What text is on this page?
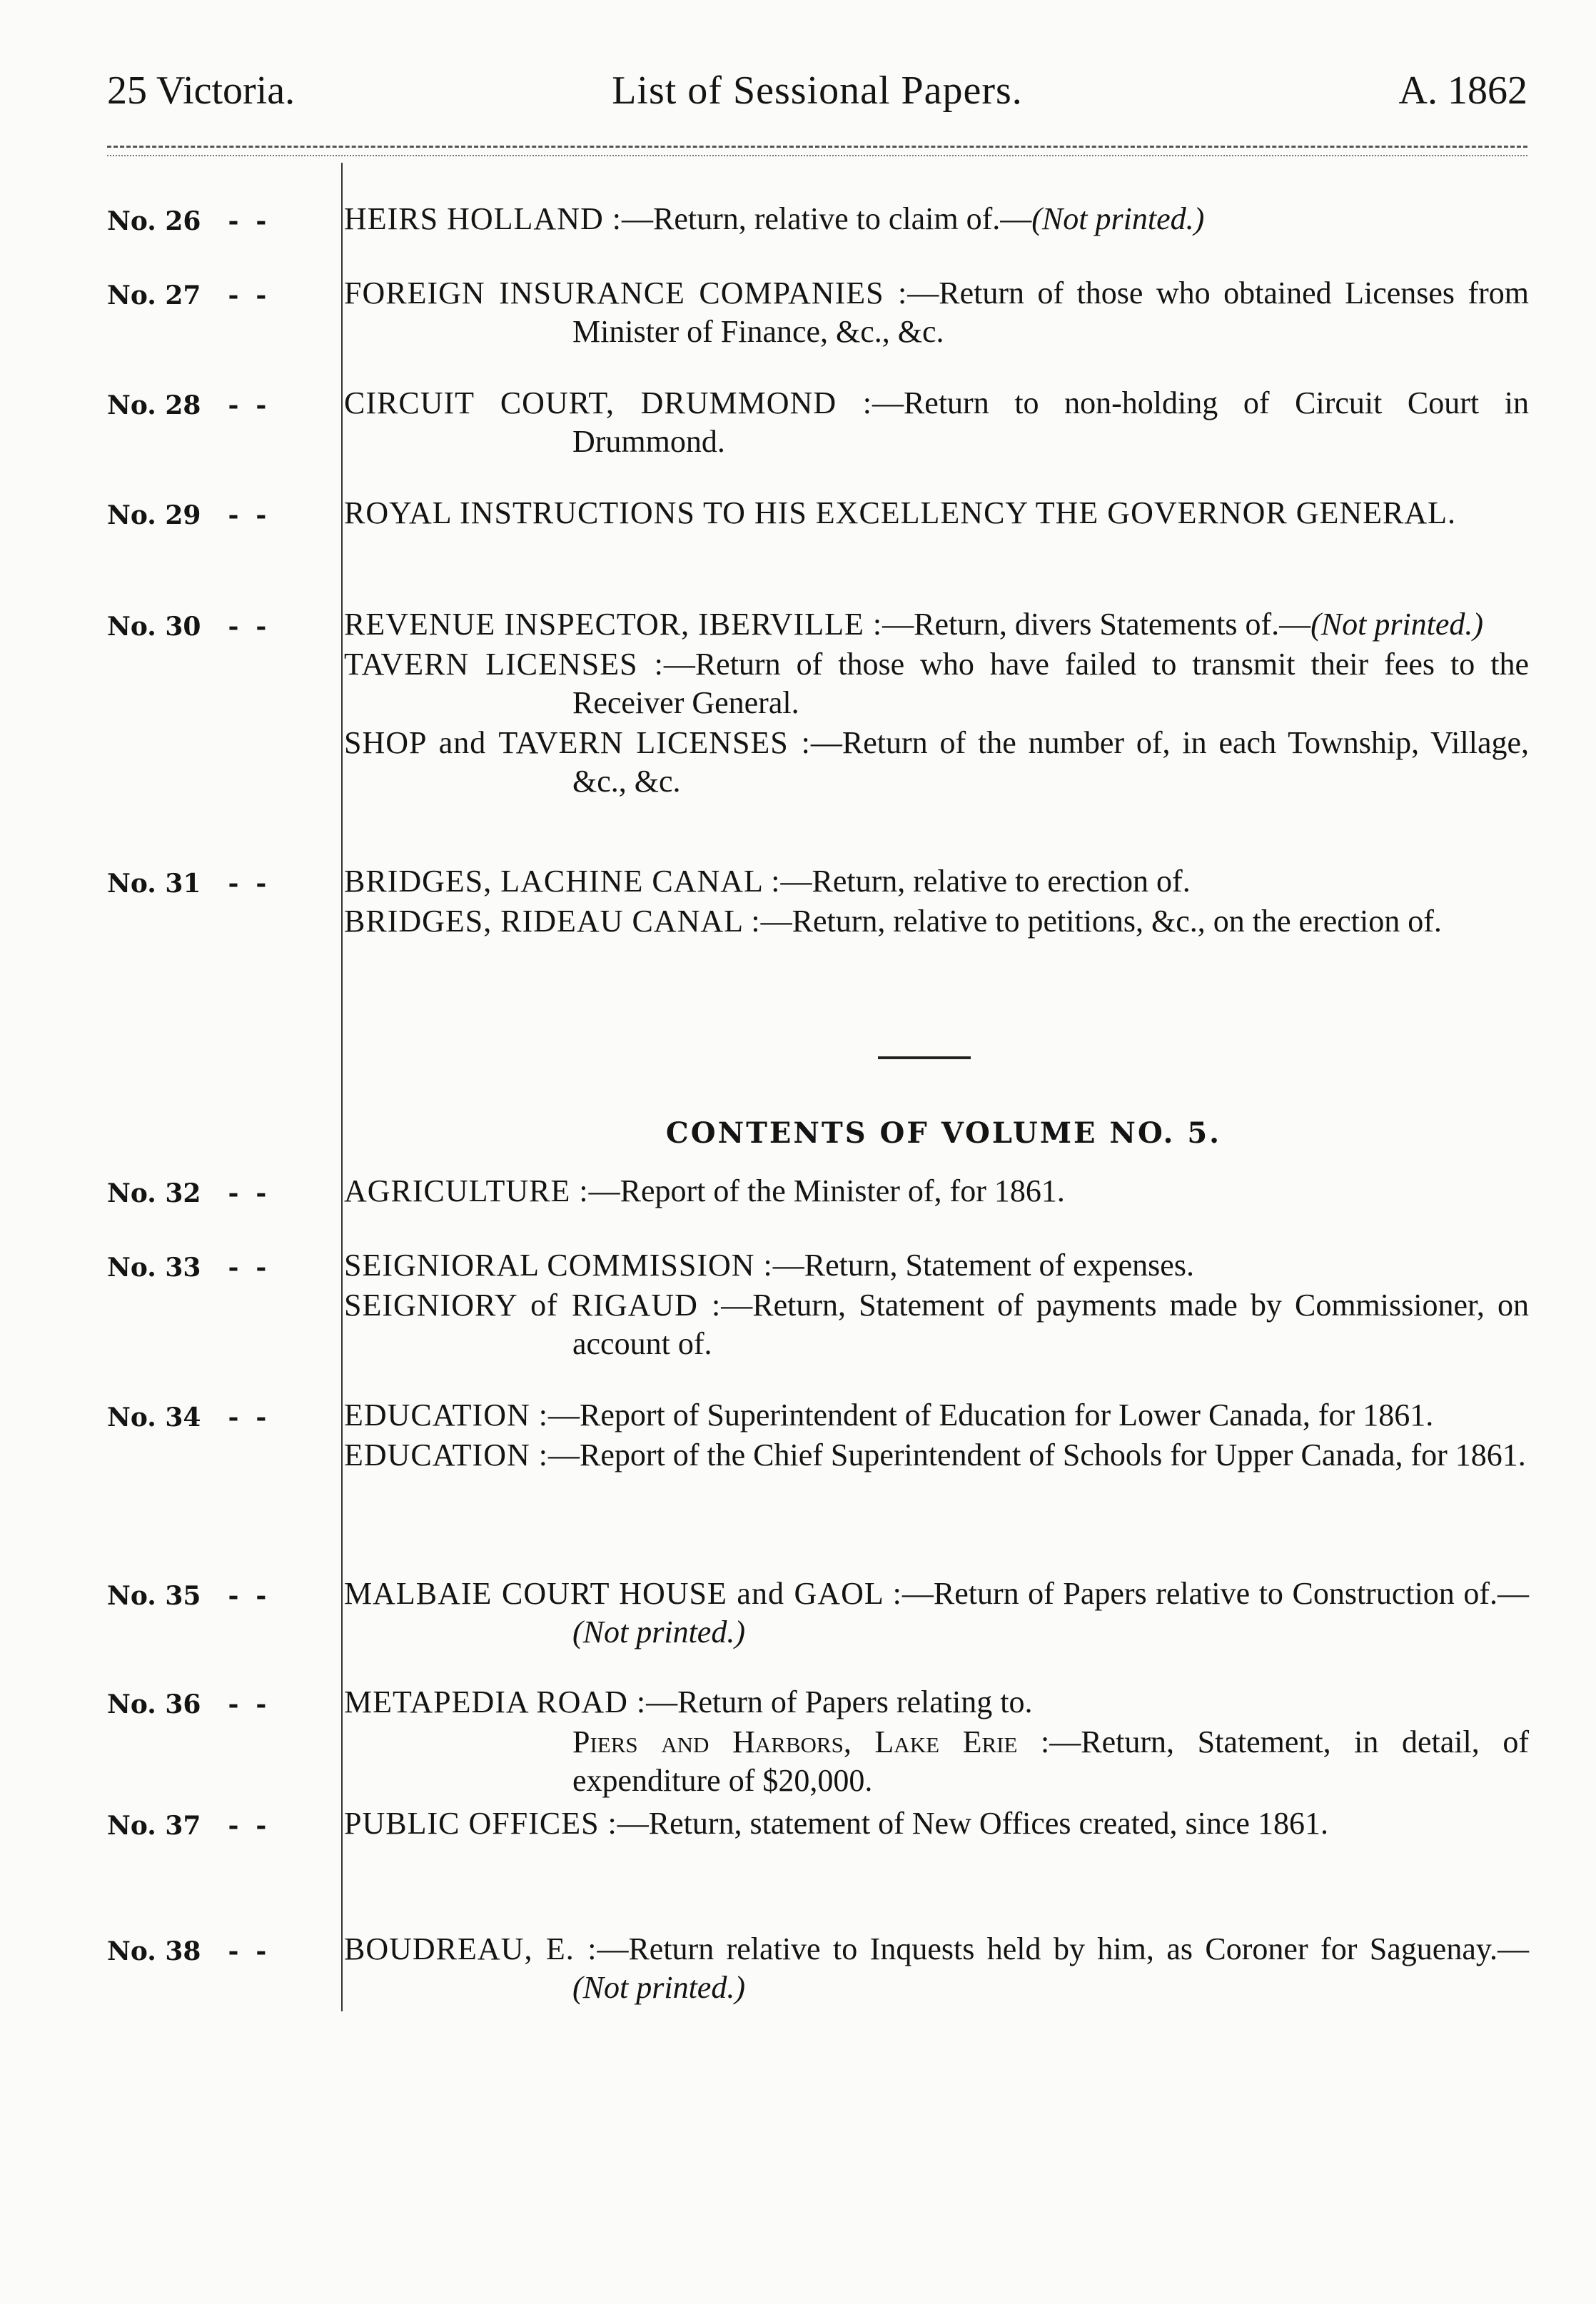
25 Victoria.	List of Sessional Papers.	A. 1862
No. 26 - -	HEIRS HOLLAND :—Return, relative to claim of.—(Not printed.)

No. 27 - -	FOREIGN INSURANCE COMPANIES :—Return of those who obtained Licenses from Minister of Finance, &c., &c.

No. 28 - -	CIRCUIT COURT, DRUMMOND :—Return to non-holding of Circuit Court in Drummond.

No. 29 - -	ROYAL INSTRUCTIONS TO HIS EXCELLENCY THE GOVERNOR GENERAL.

No. 30 - -	REVENUE INSPECTOR, IBERVILLE :—Return, divers Statements of.—(Not printed.)

TAVERN LICENSES :—Return of those who have failed to transmit their fees to the Receiver General.

SHOP and TAVERN LICENSES :—Return of the number of, in each Township, Village, &c., &c.

No. 31 - -	BRIDGES, LACHINE CANAL :—Return, relative to erection of.

BRIDGES, RIDEAU CANAL :—Return, relative to petitions, &c., on the erection of.

No. 32 - -	AGRICULTURE :—Report of the Minister of, for 1861.

No. 33 - -	SEIGNIORAL COMMISSION :—Return, Statement of expenses.

SEIGNIORY of RIGAUD :—Return, Statement of payments made by Commissioner, on account of.

No. 34 - -	EDUCATION :—Report of Superintendent of Education for Lower Canada, for 1861.

EDUCATION :—Report of the Chief Superintendent of Schools for Upper Canada, for 1861.

No. 35 - -	MALBAIE COURT HOUSE and GAOL :—Return of Papers relative to Construction of.—(Not printed.)

No. 36 - -	METAPEDIA ROAD :—Return of Papers relating to.

Piers and Harbors, Lake Erie :—Return, Statement, in detail, of expenditure of $20,000.

No. 37 - -	PUBLIC OFFICES :—Return, statement of New Offices created, since 1861.

No. 38 - -	BOUDREAU, E. :—Return relative to Inquests held by him, as Coroner for Saguenay.—(Not printed.)

CONTENTS OF VOLUME NO. 5.
